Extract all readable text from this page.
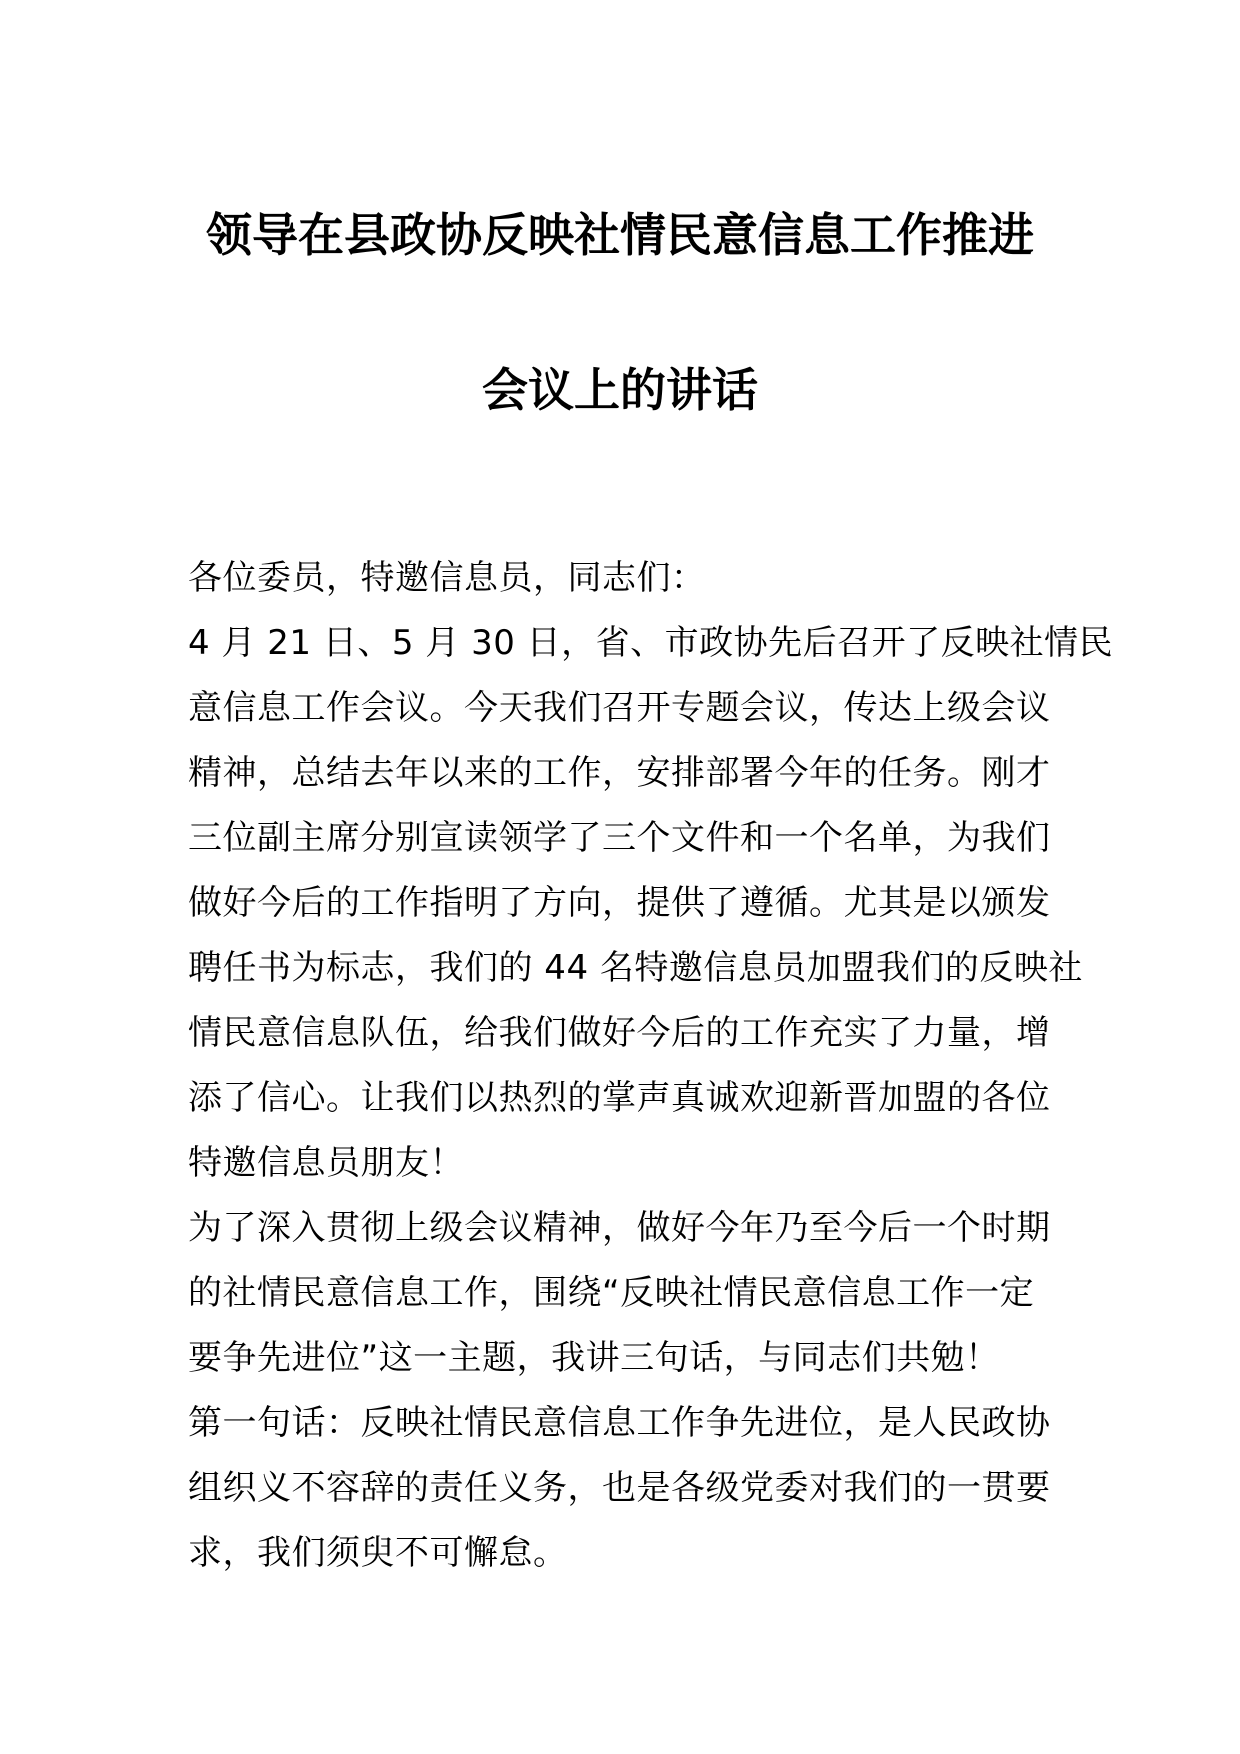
领导在县政协反映社情民意信息工作推进
会议上的讲话
各位委员，特邀信息员，同志们：
4 月 21 日、5 月 30 日，省、市政协先后召开了反映社情民
意信息工作会议。今天我们召开专题会议，传达上级会议
精神，总结去年以来的工作，安排部署今年的任务。刚才
三位副主席分别宣读领学了三个文件和一个名单，为我们
做好今后的工作指明了方向，提供了遵循。尤其是以颁发
聘任书为标志，我们的 44 名特邀信息员加盟我们的反映社
情民意信息队伍，给我们做好今后的工作充实了力量，增
添了信心。让我们以热烈的掌声真诚欢迎新晋加盟的各位
特邀信息员朋友！
为了深入贯彻上级会议精神，做好今年乃至今后一个时期
的社情民意信息工作，围绕“反映社情民意信息工作一定
要争先进位”这一主题，我讲三句话，与同志们共勉！
第一句话：反映社情民意信息工作争先进位，是人民政协
组织义不容辞的责任义务，也是各级党委对我们的一贯要
求，我们须臾不可懈怠。
